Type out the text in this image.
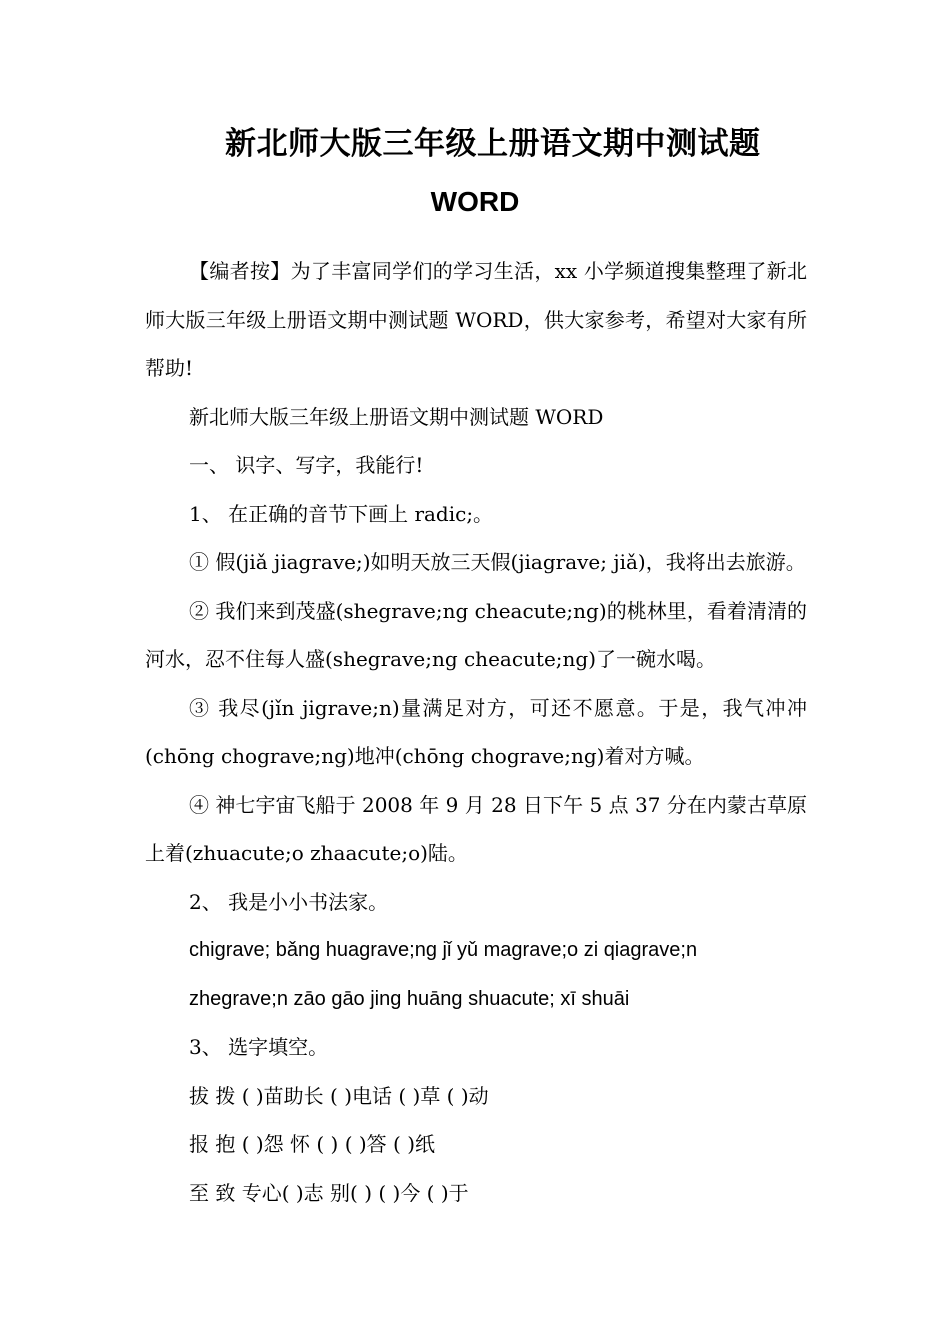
新北师大版三年级上册语文期中测试题
WORD

【编者按】为了丰富同学们的学习生活，xx 小学频道搜集整理了新北师大版三年级上册语文期中测试题 WORD，供大家参考，希望对大家有所帮助!

新北师大版三年级上册语文期中测试题 WORD

一、 识字、写字，我能行!

1、 在正确的音节下画上 radic;。

① 假(jiǎ jiagrave;)如明天放三天假(jiagrave; jiǎ)，我将出去旅游。

② 我们来到茂盛(shegrave;ng cheacute;ng)的桃林里，看着清清的河水，忍不住每人盛(shegrave;ng cheacute;ng)了一碗水喝。

③ 我尽(jǐn jigrave;n)量满足对方，可还不愿意。于是，我气冲冲(chōng chograve;ng)地冲(chōng chograve;ng)着对方喊。

④ 神七宇宙飞船于 2008 年 9 月 28 日下午 5 点 37 分在内蒙古草原上着(zhuacute;o zhaacute;o)陆。

2、 我是小小书法家。

chigrave; bǎng huagrave;ng jǐ yǔ magrave;o zi qiagrave;n

zhegrave;n zāo gāo jing huāng shuacute; xī shuāi

3、 选字填空。

拔 拨 ( )苗助长 ( )电话 ( )草 ( )动

报 抱 ( )怨 怀 ( ) ( )答 ( )纸

至 致 专心( )志 别( ) ( )今 ( )于
